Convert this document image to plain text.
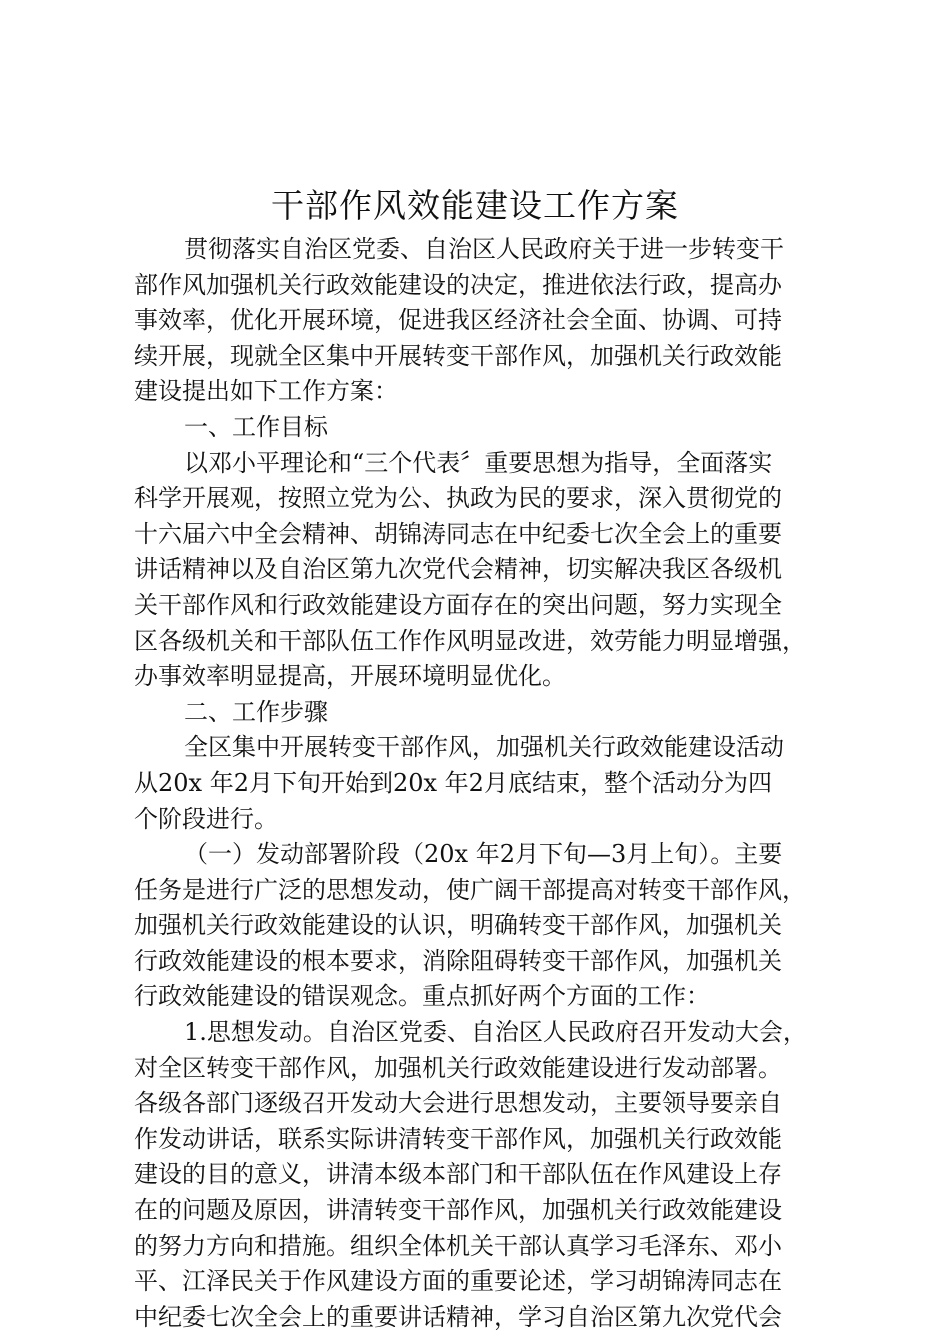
干部作风效能建设工作方案
贯彻落实自治区党委、自治区人民政府关于进一步转变干
部作风加强机关行政效能建设的决定，推进依法行政，提高办
事效率，优化开展环境，促进我区经济社会全面、协调、可持
续开展，现就全区集中开展转变干部作风，加强机关行政效能
建设提出如下工作方案：
一、工作目标
以邓小平理论和“三个代表〞重要思想为指导，全面落实
科学开展观，按照立党为公、执政为民的要求，深入贯彻党的
十六届六中全会精神、胡锦涛同志在中纪委七次全会上的重要
讲话精神以及自治区第九次党代会精神，切实解决我区各级机
关干部作风和行政效能建设方面存在的突出问题，努力实现全
区各级机关和干部队伍工作作风明显改进，效劳能力明显增强，
办事效率明显提高，开展环境明显优化。
二、工作步骤
全区集中开展转变干部作风，加强机关行政效能建设活动
从20x 年2月下旬开始到20x 年2月底结束，整个活动分为四
个阶段进行。
（一）发动部署阶段（20x 年2月下旬—3月上旬）。主要
任务是进行广泛的思想发动，使广阔干部提高对转变干部作风，
加强机关行政效能建设的认识，明确转变干部作风，加强机关
行政效能建设的根本要求，消除阻碍转变干部作风，加强机关
行政效能建设的错误观念。重点抓好两个方面的工作：
1.思想发动。自治区党委、自治区人民政府召开发动大会，
对全区转变干部作风，加强机关行政效能建设进行发动部署。
各级各部门逐级召开发动大会进行思想发动，主要领导要亲自
作发动讲话，联系实际讲清转变干部作风，加强机关行政效能
建设的目的意义，讲清本级本部门和干部队伍在作风建设上存
在的问题及原因，讲清转变干部作风，加强机关行政效能建设
的努力方向和措施。组织全体机关干部认真学习毛泽东、邓小
平、江泽民关于作风建设方面的重要论述，学习胡锦涛同志在
中纪委七次全会上的重要讲话精神，学习自治区第九次党代会
